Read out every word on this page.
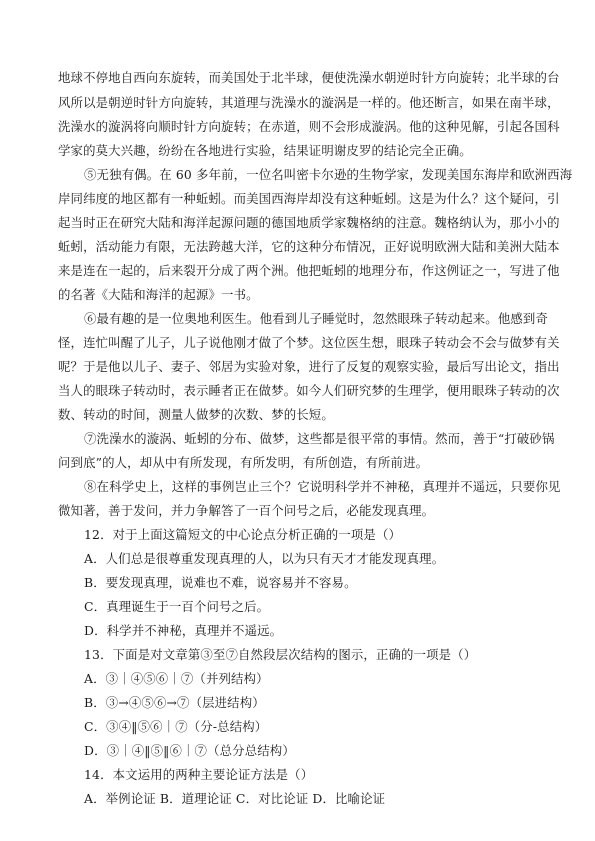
地球不停地自西向东旋转，而美国处于北半球，便使洗澡水朝逆时针方向旋转；北半球的台
风所以是朝逆时针方向旋转，其道理与洗澡水的漩涡是一样的。他还断言，如果在南半球，
洗澡水的漩涡将向顺时针方向旋转；在赤道，则不会形成漩涡。他的这种见解，引起各国科
学家的莫大兴趣，纷纷在各地进行实验，结果证明谢皮罗的结论完全正确。
⑤无独有偶。在 60 多年前，一位名叫密卡尔逊的生物学家，发现美国东海岸和欧洲西海
岸同纬度的地区都有一种蚯蚓。而美国西海岸却没有这种蚯蚓。这是为什么？这个疑问，引
起当时正在研究大陆和海洋起源问题的德国地质学家魏格纳的注意。魏格纳认为，那小小的
蚯蚓，活动能力有限，无法跨越大洋，它的这种分布情况，正好说明欧洲大陆和美洲大陆本
来是连在一起的，后来裂开分成了两个洲。他把蚯蚓的地理分布，作这例证之一，写进了他
的名著《大陆和海洋的起源》一书。
⑥最有趣的是一位奥地利医生。他看到儿子睡觉时，忽然眼珠子转动起来。他感到奇
怪，连忙叫醒了儿子，儿子说他刚才做了个梦。这位医生想，眼珠子转动会不会与做梦有关
呢？于是他以儿子、妻子、邻居为实验对象，进行了反复的观察实验，最后写出论文，指出
当人的眼珠子转动时，表示睡者正在做梦。如今人们研究梦的生理学，便用眼珠子转动的次
数、转动的时间，测量人做梦的次数、梦的长短。
⑦洗澡水的漩涡、蚯蚓的分布、做梦，这些都是很平常的事情。然而，善于“打破砂锅
问到底”的人，却从中有所发现，有所发明，有所创造，有所前进。
⑧在科学史上，这样的事例岂止三个？它说明科学并不神秘，真理并不遥远，只要你见
微知著，善于发问，并力争解答了一百个问号之后，必能发现真理。
12．对于上面这篇短文的中心论点分析正确的一项是（）
A．人们总是很尊重发现真理的人，以为只有天才才能发现真理。
B．要发现真理，说难也不难，说容易并不容易。
C．真理诞生于一百个问号之后。
D．科学并不神秘，真理并不遥远。
13．下面是对文章第③至⑦自然段层次结构的图示，正确的一项是（）
A．③｜④⑤⑥｜⑦（并列结构）
B．③→④⑤⑥→⑦（层进结构）
C．③④‖⑤⑥｜⑦（分-总结构）
D．③｜④‖⑤‖⑥｜⑦（总分总结构）
14．本文运用的两种主要论证方法是（）
A．举例论证 B．道理论证 C．对比论证 D．比喻论证
